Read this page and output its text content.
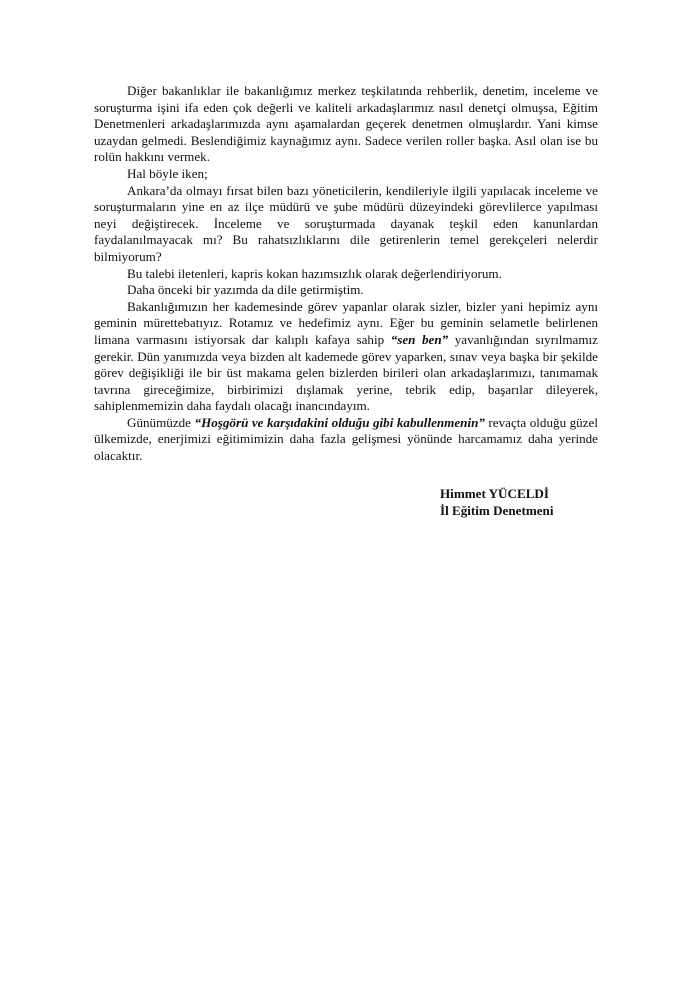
Diğer bakanlıklar ile bakanlığımız merkez teşkilatında rehberlik, denetim, inceleme ve soruşturma işini ifa eden çok değerli ve kaliteli arkadaşlarımız nasıl denetçi olmuşsa, Eğitim Denetmenleri arkadaşlarımızda aynı aşamalardan geçerek denetmen olmuşlardır. Yani kimse uzaydan gelmedi. Beslendiğimiz kaynağımız aynı. Sadece verilen roller başka. Asıl olan ise bu rolün hakkını vermek.

Hal böyle iken;

Ankara’da olmayı fırsat bilen bazı yöneticilerin, kendileriyle ilgili yapılacak inceleme ve soruşturmaların yine en az ilçe müdürü ve şube müdürü düzeyindeki görevlilerce yapılması neyi değiştirecek. İnceleme ve soruşturmada dayanak teşkil eden kanunlardan faydalanılmayacak mı? Bu rahatsızlıklarını dile getirenlerin temel gerekçeleri nelerdir bilmiyorum?

Bu talebi iletenleri, kapris kokan hazımsızlık olarak değerlendiriyorum.

Daha önceki bir yazımda da dile getirmiştim.

Bakanlığımızın her kademesinde görev yapanlar olarak sizler, bizler yani hepimiz aynı geminin mürettebatıyız. Rotamız ve hedefimiz aynı. Eğer bu geminin selametle belirlenen limana varmasını istiyorsak dar kalıplı kafaya sahip “sen ben” yavanlığından sıyrılmamız gerekir. Dün yanımızda veya bizden alt kademede görev yaparken, sınav veya başka bir şekilde görev değişikliği ile bir üst makama gelen bizlerden birileri olan arkadaşlarımızı, tanımamak tavrına gireceğimize, birbirimizi dışlamak yerine, tebrik edip, başarılar dileyerek, sahiplenmemizin daha faydalı olacağı inancındayım.

Günümüzde “Hoşgörü ve karşıdakini olduğu gibi kabullenmenin” revaçta olduğu güzel ülkemizde, enerjimizi eğitimimizin daha fazla gelişmesi yönünde harcamamız daha yerinde olacaktır.

Himmet YÜCELDİ
İl Eğitim Denetmeni
